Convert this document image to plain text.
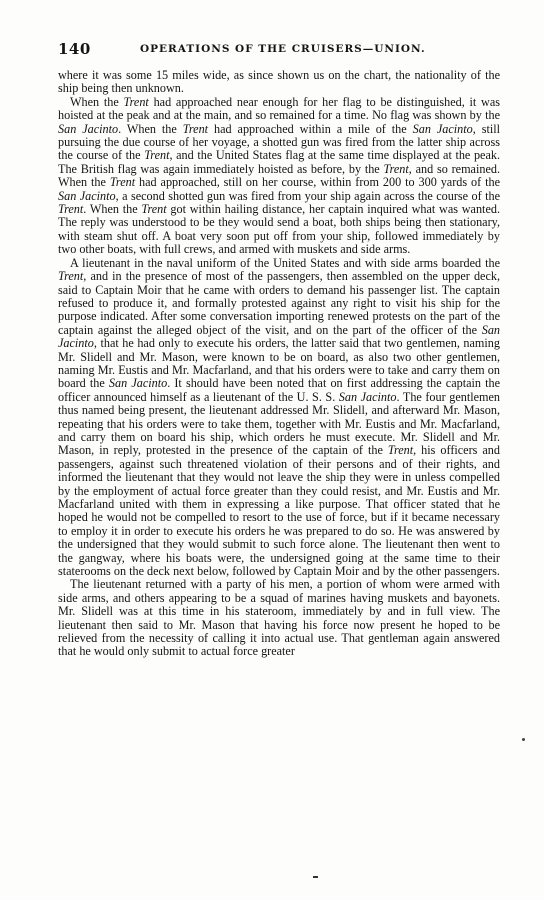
140	OPERATIONS OF THE CRUISERS—UNION.

where it was some 15 miles wide, as since shown us on the chart, the nationality of the ship being then unknown.

When the Trent had approached near enough for her flag to be distinguished, it was hoisted at the peak and at the main, and so remained for a time. No flag was shown by the San Jacinto. When the Trent had approached within a mile of the San Jacinto, still pursuing the due course of her voyage, a shotted gun was fired from the latter ship across the course of the Trent, and the United States flag at the same time displayed at the peak. The British flag was again immediately hoisted as before, by the Trent, and so remained. When the Trent had approached, still on her course, within from 200 to 300 yards of the San Jacinto, a second shotted gun was fired from your ship again across the course of the Trent. When the Trent got within hailing distance, her captain inquired what was wanted. The reply was understood to be they would send a boat, both ships being then stationary, with steam shut off. A boat very soon put off from your ship, followed immediately by two other boats, with full crews, and armed with muskets and side arms.

A lieutenant in the naval uniform of the United States and with side arms boarded the Trent, and in the presence of most of the passengers, then assembled on the upper deck, said to Captain Moir that he came with orders to demand his passenger list. The captain refused to produce it, and formally protested against any right to visit his ship for the purpose indicated. After some conversation importing renewed protests on the part of the captain against the alleged object of the visit, and on the part of the officer of the San Jacinto, that he had only to execute his orders, the latter said that two gentlemen, naming Mr. Slidell and Mr. Mason, were known to be on board, as also two other gentlemen, naming Mr. Eustis and Mr. Macfarland, and that his orders were to take and carry them on board the San Jacinto. It should have been noted that on first addressing the captain the officer announced himself as a lieutenant of the U. S. S. San Jacinto. The four gentlemen thus named being present, the lieutenant addressed Mr. Slidell, and afterward Mr. Mason, repeating that his orders were to take them, together with Mr. Eustis and Mr. Macfarland, and carry them on board his ship, which orders he must execute. Mr. Slidell and Mr. Mason, in reply, protested in the presence of the captain of the Trent, his officers and passengers, against such threatened violation of their persons and of their rights, and informed the lieutenant that they would not leave the ship they were in unless compelled by the employment of actual force greater than they could resist, and Mr. Eustis and Mr. Macfarland united with them in expressing a like purpose. That officer stated that he hoped he would not be compelled to resort to the use of force, but if it became necessary to employ it in order to execute his orders he was prepared to do so. He was answered by the undersigned that they would submit to such force alone. The lieutenant then went to the gangway, where his boats were, the undersigned going at the same time to their staterooms on the deck next below, followed by Captain Moir and by the other passengers.

The lieutenant returned with a party of his men, a portion of whom were armed with side arms, and others appearing to be a squad of marines having muskets and bayonets. Mr. Slidell was at this time in his stateroom, immediately by and in full view. The lieutenant then said to Mr. Mason that having his force now present he hoped to be relieved from the necessity of calling it into actual use. That gentleman again answered that he would only submit to actual force greater
